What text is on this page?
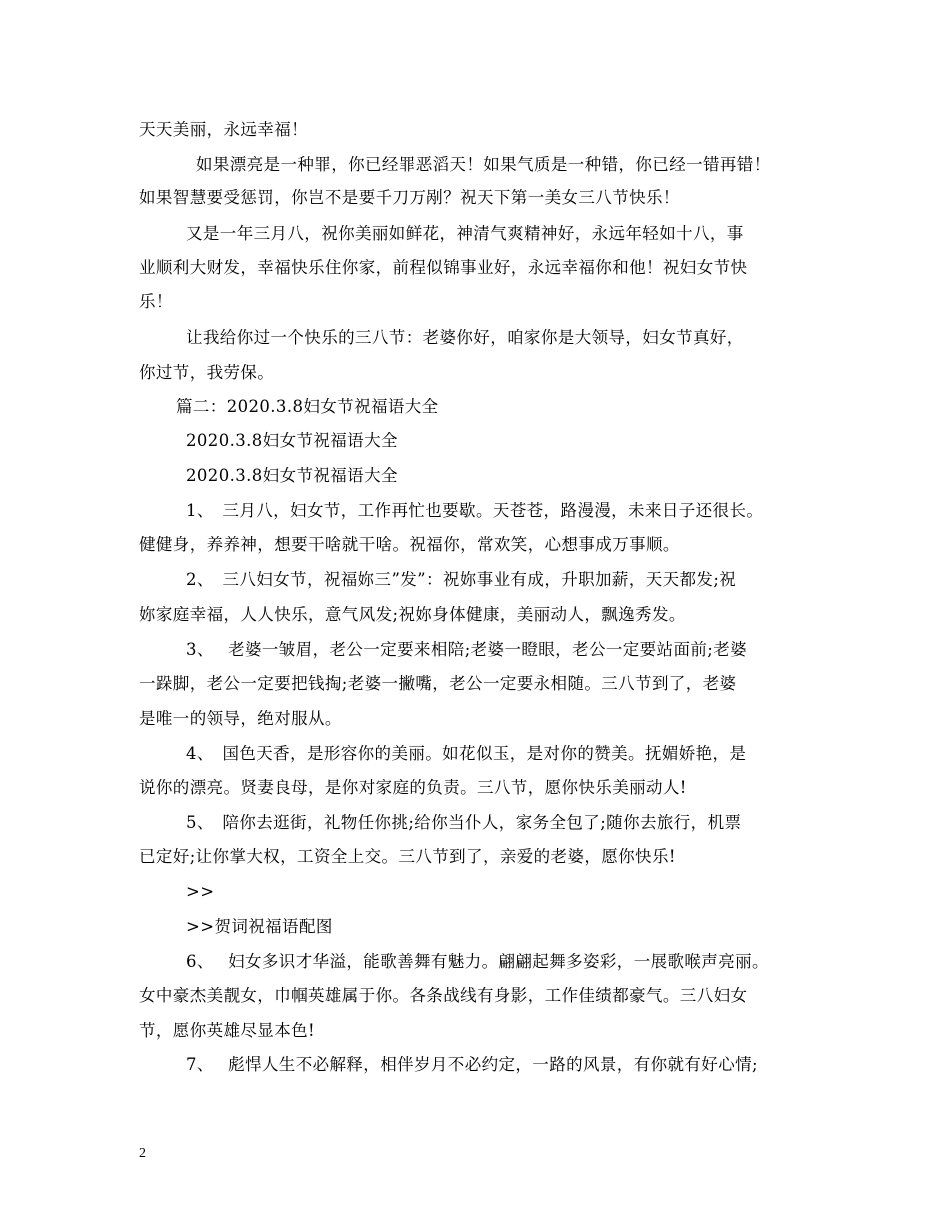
天天美丽，永远幸福！
如果漂亮是一种罪，你已经罪恶滔天！如果气质是一种错，你已经一错再错！
如果智慧要受惩罚，你岂不是要千刀万剐？祝天下第一美女三八节快乐！
又是一年三月八，祝你美丽如鲜花，神清气爽精神好，永远年轻如十八，事
业顺利大财发，幸福快乐住你家，前程似锦事业好，永远幸福你和他！祝妇女节快
乐！
让我给你过一个快乐的三八节：老婆你好，咱家你是大领导，妇女节真好，
你过节，我劳保。
篇二：2020.3.8妇女节祝福语大全
2020.3.8妇女节祝福语大全
2020.3.8妇女节祝福语大全
1、　三月八，妇女节，工作再忙也要歇。天苍苍，路漫漫，未来日子还很长。
健健身，养养神，想要干啥就干啥。祝福你，常欢笑，心想事成万事顺。
2、　三八妇女节，祝福妳三”发”：祝妳事业有成，升职加薪，天天都发;祝
妳家庭幸福，人人快乐，意气风发;祝妳身体健康，美丽动人，飘逸秀发。
3、　 老婆一皱眉，老公一定要来相陪;老婆一瞪眼，老公一定要站面前;老婆
一跺脚，老公一定要把钱掏;老婆一撇嘴，老公一定要永相随。三八节到了，老婆
是唯一的领导，绝对服从。
4、　国色天香，是形容你的美丽。如花似玉，是对你的赞美。抚媚娇艳，是
说你的漂亮。贤妻良母，是你对家庭的负责。三八节，愿你快乐美丽动人!
5、　陪你去逛街，礼物任你挑;给你当仆人，家务全包了;随你去旅行，机票
已定好;让你掌大权，工资全上交。三八节到了，亲爱的老婆，愿你快乐!
>>
>>贺词祝福语配图
6、　 妇女多识才华溢，能歌善舞有魅力。翩翩起舞多姿彩，一展歌喉声亮丽。
女中豪杰美靓女，巾帼英雄属于你。各条战线有身影，工作佳绩都豪气。三八妇女
节，愿你英雄尽显本色!
7、　 彪悍人生不必解释，相伴岁月不必约定，一路的风景，有你就有好心情;
2
